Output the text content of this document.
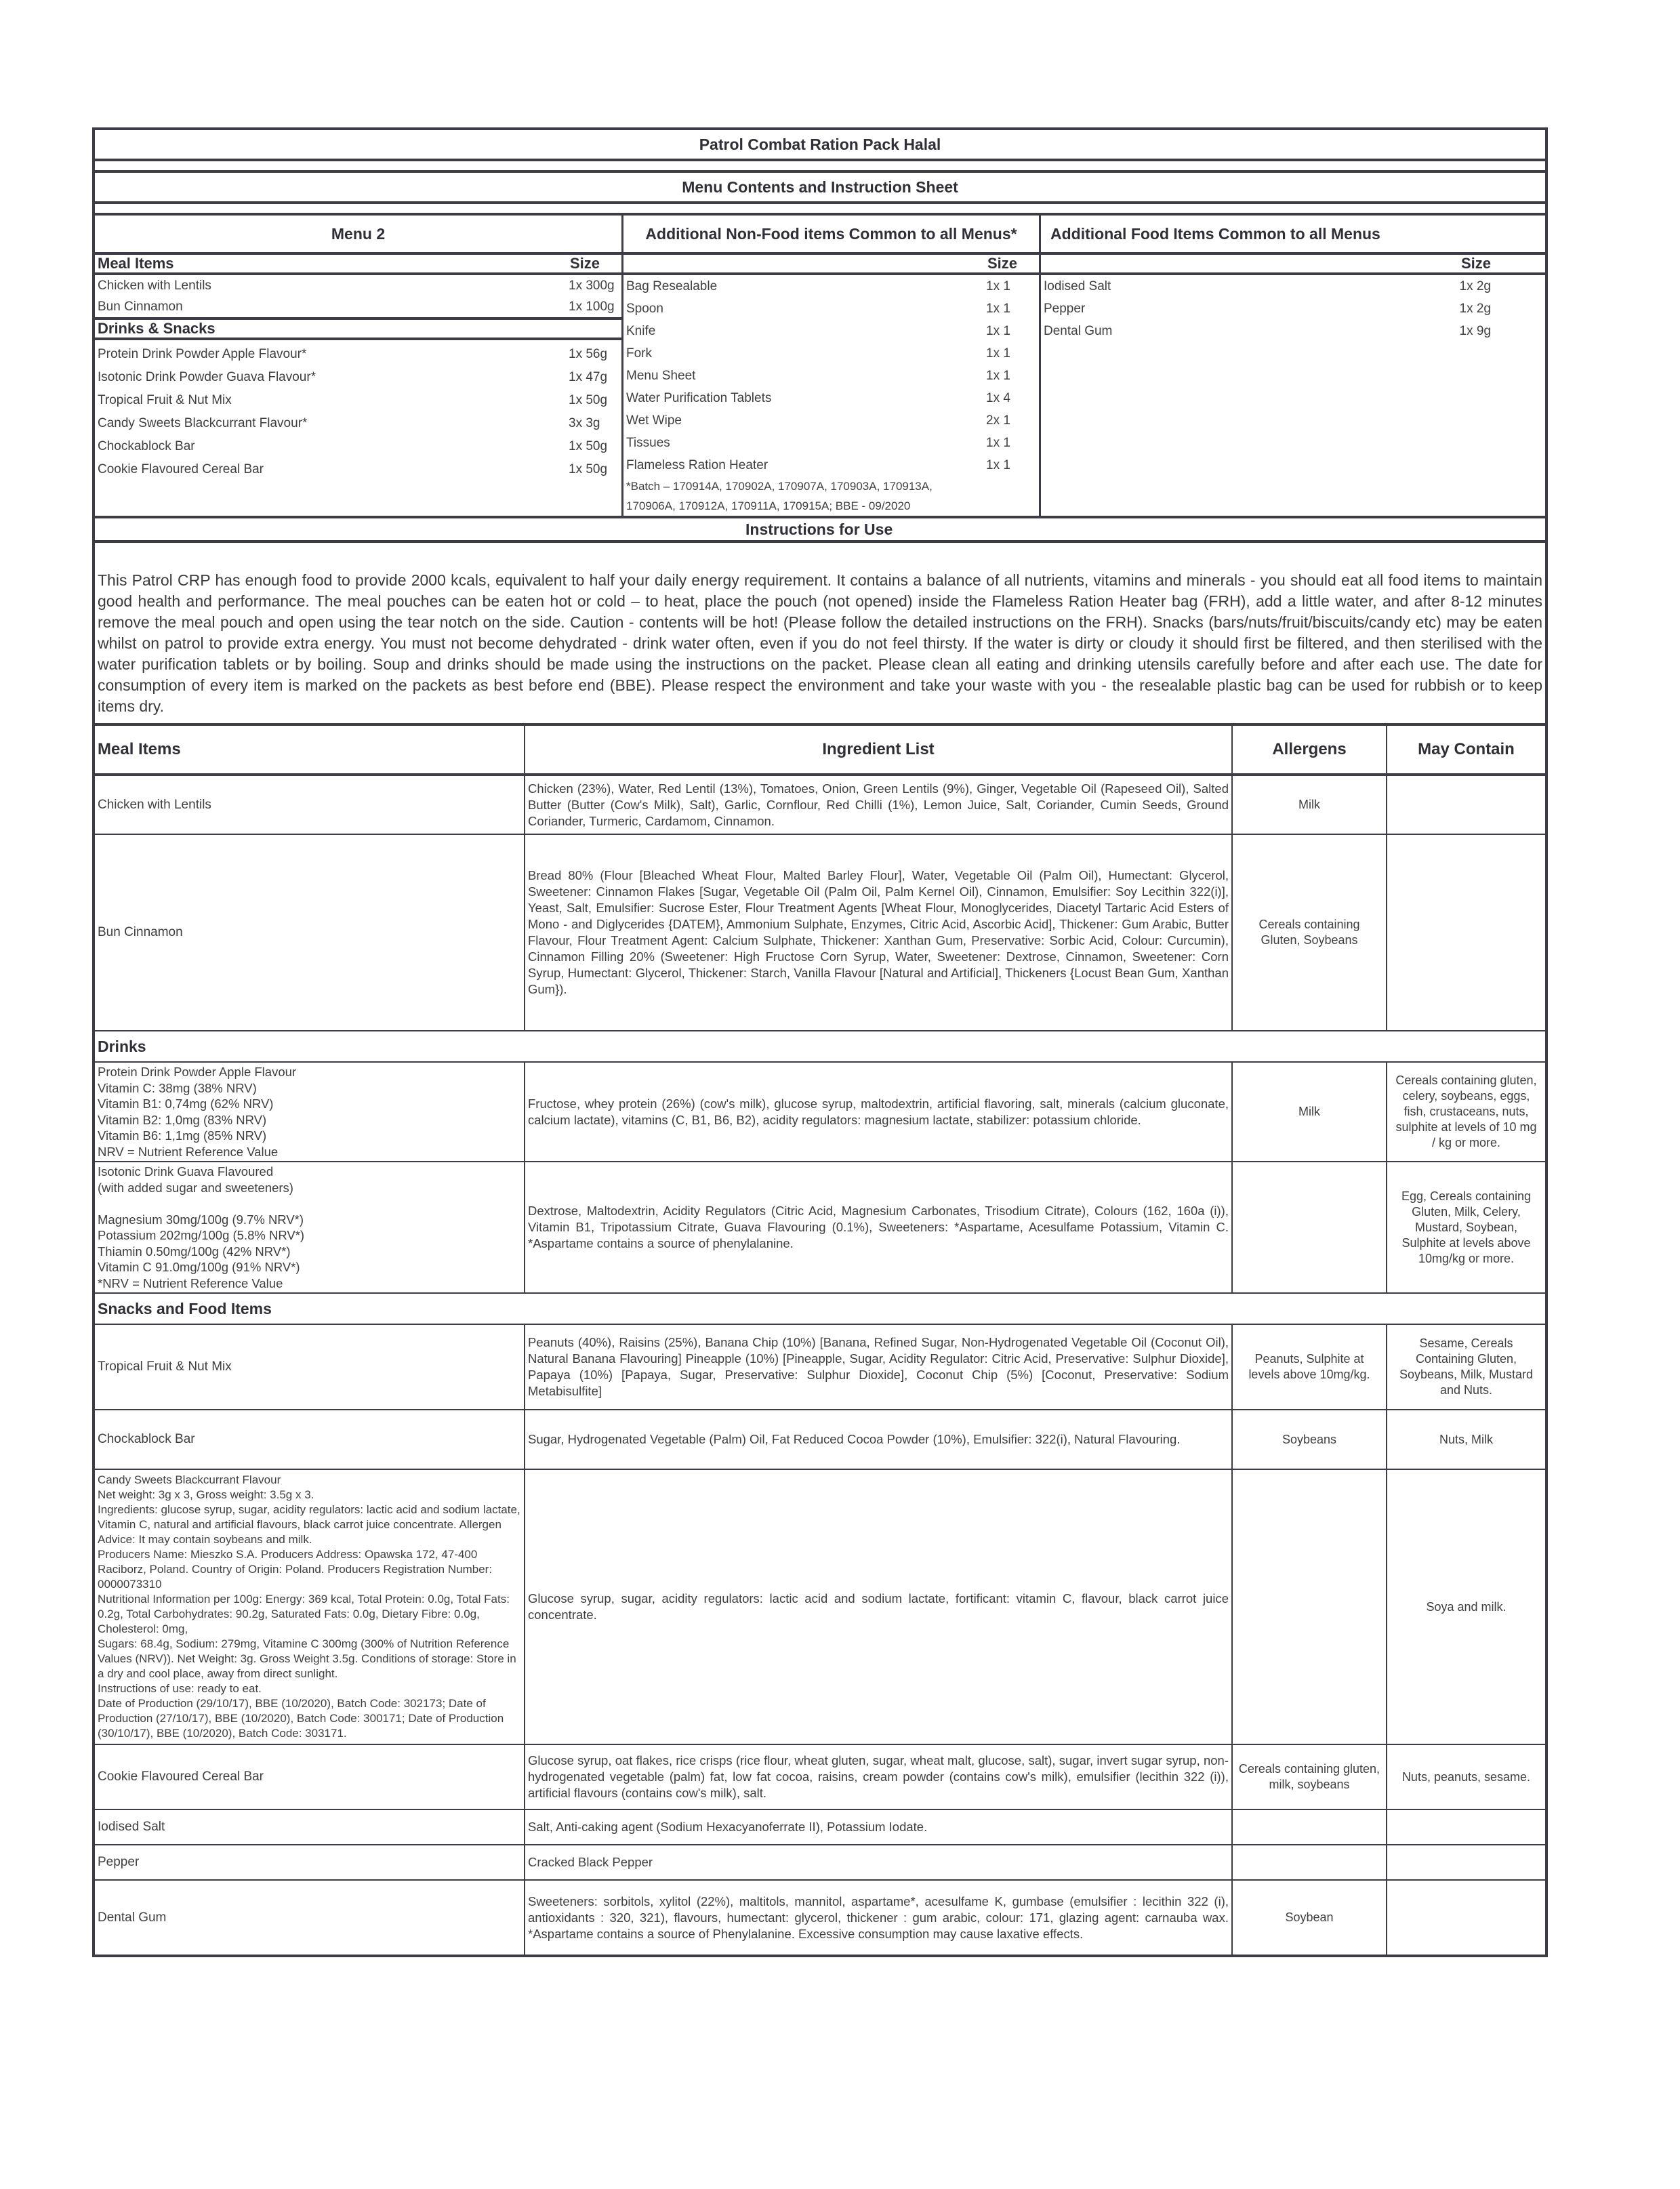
Patrol Combat Ration Pack Halal
Menu Contents and Instruction Sheet
Menu 2
Meal Items	Size
Chicken with Lentils	1x 300g
Bun Cinnamon	1x 100g
Drinks & Snacks
Protein Drink Powder Apple Flavour*	1x 56g
Isotonic Drink Powder Guava Flavour*	1x 47g
Tropical Fruit & Nut Mix	1x 50g
Candy Sweets Blackcurrant Flavour*	3x 3g
Chockablock Bar	1x 50g
Cookie Flavoured Cereal Bar	1x 50g
Additional Non-Food items Common to all Menus*
Size
Bag Resealable	1x 1
Spoon	1x 1
Knife	1x 1
Fork	1x 1
Menu Sheet	1x 1
Water Purification Tablets	1x 4
Wet Wipe	2x 1
Tissues	1x 1
Flameless Ration Heater	1x 1
*Batch – 170914A, 170902A, 170907A, 170903A, 170913A,
170906A, 170912A, 170911A, 170915A; BBE - 09/2020
Additional Food Items Common to all Menus
Size
Iodised Salt	1x 2g
Pepper	1x 2g
Dental Gum	1x 9g
Instructions for Use
This Patrol CRP has enough food to provide 2000 kcals, equivalent to half your daily energy requirement. It contains a balance of all nutrients, vitamins and minerals - you should eat all food items to maintain good health and performance. The meal pouches can be eaten hot or cold – to heat, place the pouch (not opened) inside the Flameless Ration Heater bag (FRH), add a little water, and after 8-12 minutes remove the meal pouch and open using the tear notch on the side. Caution - contents will be hot! (Please follow the detailed instructions on the FRH). Snacks (bars/nuts/fruit/biscuits/candy etc) may be eaten whilst on patrol to provide extra energy. You must not become dehydrated - drink water often, even if you do not feel thirsty. If the water is dirty or cloudy it should first be filtered, and then sterilised with the water purification tablets or by boiling. Soup and drinks should be made using the instructions on the packet. Please clean all eating and drinking utensils carefully before and after each use. The date for consumption of every item is marked on the packets as best before end (BBE). Please respect the environment and take your waste with you - the resealable plastic bag can be used for rubbish or to keep items dry.
Meal Items	Ingredient List	Allergens	May Contain
Chicken with Lentils	Chicken (23%), Water, Red Lentil (13%), Tomatoes, Onion, Green Lentils (9%), Ginger, Vegetable Oil (Rapeseed Oil), Salted Butter (Butter (Cow's Milk), Salt), Garlic, Cornflour, Red Chilli (1%), Lemon Juice, Salt, Coriander, Cumin Seeds, Ground Coriander, Turmeric, Cardamom, Cinnamon.	Milk	
Bun Cinnamon	Bread 80% (Flour [Bleached Wheat Flour, Malted Barley Flour], Water, Vegetable Oil (Palm Oil), Humectant: Glycerol, Sweetener: Cinnamon Flakes [Sugar, Vegetable Oil (Palm Oil, Palm Kernel Oil), Cinnamon, Emulsifier: Soy Lecithin 322(i)], Yeast, Salt, Emulsifier: Sucrose Ester, Flour Treatment Agents [Wheat Flour, Monoglycerides, Diacetyl Tartaric Acid Esters of Mono - and Diglycerides {DATEM}, Ammonium Sulphate, Enzymes, Citric Acid, Ascorbic Acid], Thickener: Gum Arabic, Butter Flavour, Flour Treatment Agent: Calcium Sulphate, Thickener: Xanthan Gum, Preservative: Sorbic Acid, Colour: Curcumin), Cinnamon Filling 20% (Sweetener: High Fructose Corn Syrup, Water, Sweetener: Dextrose, Cinnamon, Sweetener: Corn Syrup, Humectant: Glycerol, Thickener: Starch, Vanilla Flavour [Natural and Artificial], Thickeners {Locust Bean Gum, Xanthan Gum}).	Cereals containing Gluten, Soybeans	
Drinks			

Protein Drink Powder Apple Flavour
Vitamin C: 38mg (38% NRV)
Vitamin B1: 0,74mg (62% NRV)
Vitamin B2: 1,0mg (83% NRV)
Vitamin B6: 1,1mg (85% NRV)
NRV = Nutrient Reference Value
	Fructose, whey protein (26%) (cow's milk), glucose syrup, maltodextrin, artificial flavoring, salt, minerals (calcium gluconate, calcium lactate), vitamins (C, B1, B6, B2), acidity regulators: magnesium lactate, stabilizer: potassium chloride.	Milk	Cereals containing gluten, celery, soybeans, eggs, fish, crustaceans, nuts, sulphite at levels of 10 mg / kg or more.

Isotonic Drink Guava Flavoured
(with added sugar and sweeteners)

Magnesium 30mg/100g (9.7% NRV*)
Potassium 202mg/100g (5.8% NRV*)
Thiamin 0.50mg/100g (42% NRV*)
Vitamin C 91.0mg/100g (91% NRV*)
*NRV = Nutrient Reference Value
	Dextrose, Maltodextrin, Acidity Regulators (Citric Acid, Magnesium Carbonates, Trisodium Citrate), Colours (162, 160a (i)), Vitamin B1, Tripotassium Citrate, Guava Flavouring (0.1%), Sweeteners: *Aspartame, Acesulfame Potassium, Vitamin C. *Aspartame contains a source of phenylalanine.		Egg, Cereals containing Gluten, Milk, Celery, Mustard, Soybean, Sulphite at levels above 10mg/kg or more.
Snacks and Food Items			
Tropical Fruit & Nut Mix	Peanuts (40%), Raisins (25%), Banana Chip (10%) [Banana, Refined Sugar, Non-Hydrogenated Vegetable Oil (Coconut Oil), Natural Banana Flavouring] Pineapple (10%) [Pineapple, Sugar, Acidity Regulator: Citric Acid, Preservative: Sulphur Dioxide], Papaya (10%) [Papaya, Sugar, Preservative: Sulphur Dioxide], Coconut Chip (5%) [Coconut, Preservative: Sodium Metabisulfite]	Peanuts, Sulphite at levels above 10mg/kg.	Sesame, Cereals Containing Gluten, Soybeans, Milk, Mustard and Nuts.
Chockablock Bar	Sugar, Hydrogenated Vegetable (Palm) Oil, Fat Reduced Cocoa Powder (10%), Emulsifier: 322(i), Natural Flavouring.	Soybeans	Nuts, Milk

Candy Sweets Blackcurrant Flavour
Net weight: 3g x 3, Gross weight: 3.5g x 3.
Ingredients: glucose syrup, sugar, acidity regulators: lactic acid and sodium lactate, Vitamin C, natural and artificial flavours, black carrot juice concentrate. Allergen Advice: It may contain soybeans and milk.
Producers Name: Mieszko S.A. Producers Address: Opawska 172, 47-400 Raciborz, Poland. Country of Origin: Poland. Producers Registration Number: 0000073310
Nutritional Information per 100g: Energy: 369 kcal, Total Protein: 0.0g, Total Fats: 0.2g, Total Carbohydrates: 90.2g, Saturated Fats: 0.0g, Dietary Fibre: 0.0g, Cholesterol: 0mg,
Sugars: 68.4g, Sodium: 279mg, Vitamine C 300mg (300% of Nutrition Reference Values (NRV)). Net Weight: 3g. Gross Weight 3.5g. Conditions of storage: Store in a dry and cool place, away from direct sunlight.
Instructions of use: ready to eat.
Date of Production (29/10/17), BBE (10/2020), Batch Code: 302173; Date of Production (27/10/17), BBE (10/2020), Batch Code: 300171; Date of Production (30/10/17), BBE (10/2020), Batch Code: 303171.
	Glucose syrup, sugar, acidity regulators: lactic acid and sodium lactate, fortificant: vitamin C, flavour, black carrot juice concentrate.		Soya and milk.
Cookie Flavoured Cereal Bar	Glucose syrup, oat flakes, rice crisps (rice flour, wheat gluten, sugar, wheat malt, glucose, salt), sugar, invert sugar syrup, non-hydrogenated vegetable (palm) fat, low fat cocoa, raisins, cream powder (contains cow's milk), emulsifier (lecithin 322 (i)), artificial flavours (contains cow's milk), salt.	Cereals containing gluten, milk, soybeans	Nuts, peanuts, sesame.
Iodised Salt	Salt, Anti-caking agent (Sodium Hexacyanoferrate II), Potassium Iodate.		
Pepper	Cracked Black Pepper		
Dental Gum	Sweeteners: sorbitols, xylitol (22%), maltitols, mannitol, aspartame*, acesulfame K, gumbase (emulsifier : lecithin 322 (i), antioxidants : 320, 321), flavours, humectant: glycerol, thickener : gum arabic, colour: 171, glazing agent: carnauba wax. *Aspartame contains a source of Phenylalanine. Excessive consumption may cause laxative effects.	Soybean	
